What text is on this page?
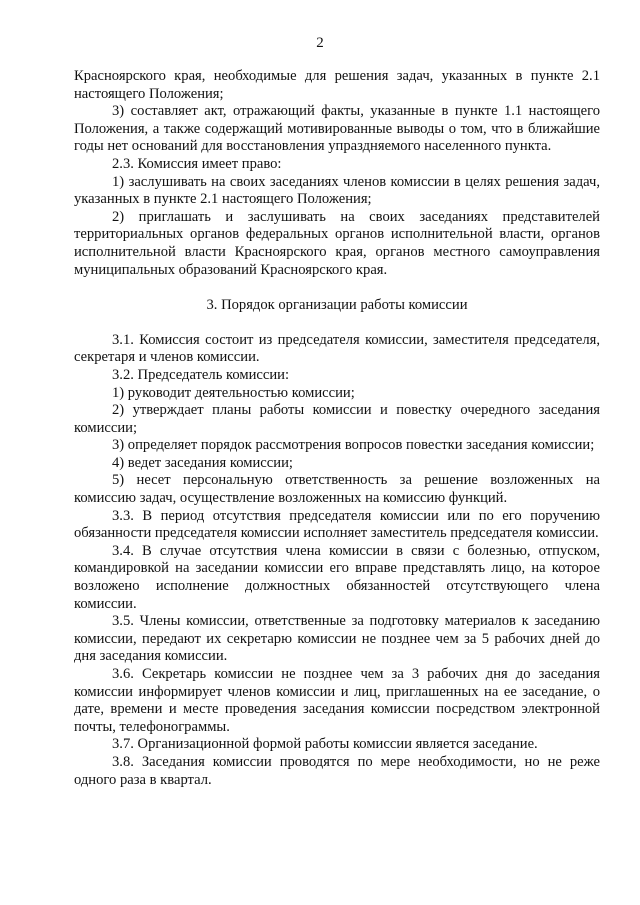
2

Красноярского края, необходимые для решения задач, указанных в пункте 2.1 настоящего Положения;

3) составляет акт, отражающий факты, указанные в пункте 1.1 настоящего Положения, а также содержащий мотивированные выводы о том, что в ближайшие годы нет оснований для восстановления упраздняемого населенного пункта.

2.3. Комиссия имеет право:

1) заслушивать на своих заседаниях членов комиссии в целях решения задач, указанных в пункте 2.1 настоящего Положения;

2) приглашать и заслушивать на своих заседаниях представителей территориальных органов федеральных органов исполнительной власти, органов исполнительной власти Красноярского края, органов местного самоуправления муниципальных образований Красноярского края.

3. Порядок организации работы комиссии

3.1. Комиссия состоит из председателя комиссии, заместителя председателя, секретаря и членов комиссии.

3.2. Председатель комиссии:

1) руководит деятельностью комиссии;

2) утверждает планы работы комиссии и повестку очередного заседания комиссии;

3) определяет порядок рассмотрения вопросов повестки заседания комиссии;

4) ведет заседания комиссии;

5) несет персональную ответственность за решение возложенных на комиссию задач, осуществление возложенных на комиссию функций.

3.3. В период отсутствия председателя комиссии или по его поручению обязанности председателя комиссии исполняет заместитель председателя комиссии.

3.4. В случае отсутствия члена комиссии в связи с болезнью, отпуском, командировкой на заседании комиссии его вправе представлять лицо, на которое возложено исполнение должностных обязанностей отсутствующего члена комиссии.

3.5. Члены комиссии, ответственные за подготовку материалов к заседанию комиссии, передают их секретарю комиссии не позднее чем за 5 рабочих дней до дня заседания комиссии.

3.6. Секретарь комиссии не позднее чем за 3 рабочих дня до заседания комиссии информирует членов комиссии и лиц, приглашенных на ее заседание, о дате, времени и месте проведения заседания комиссии посредством электронной почты, телефонограммы.

3.7. Организационной формой работы комиссии является заседание.

3.8. Заседания комиссии проводятся по мере необходимости, но не реже одного раза в квартал.
